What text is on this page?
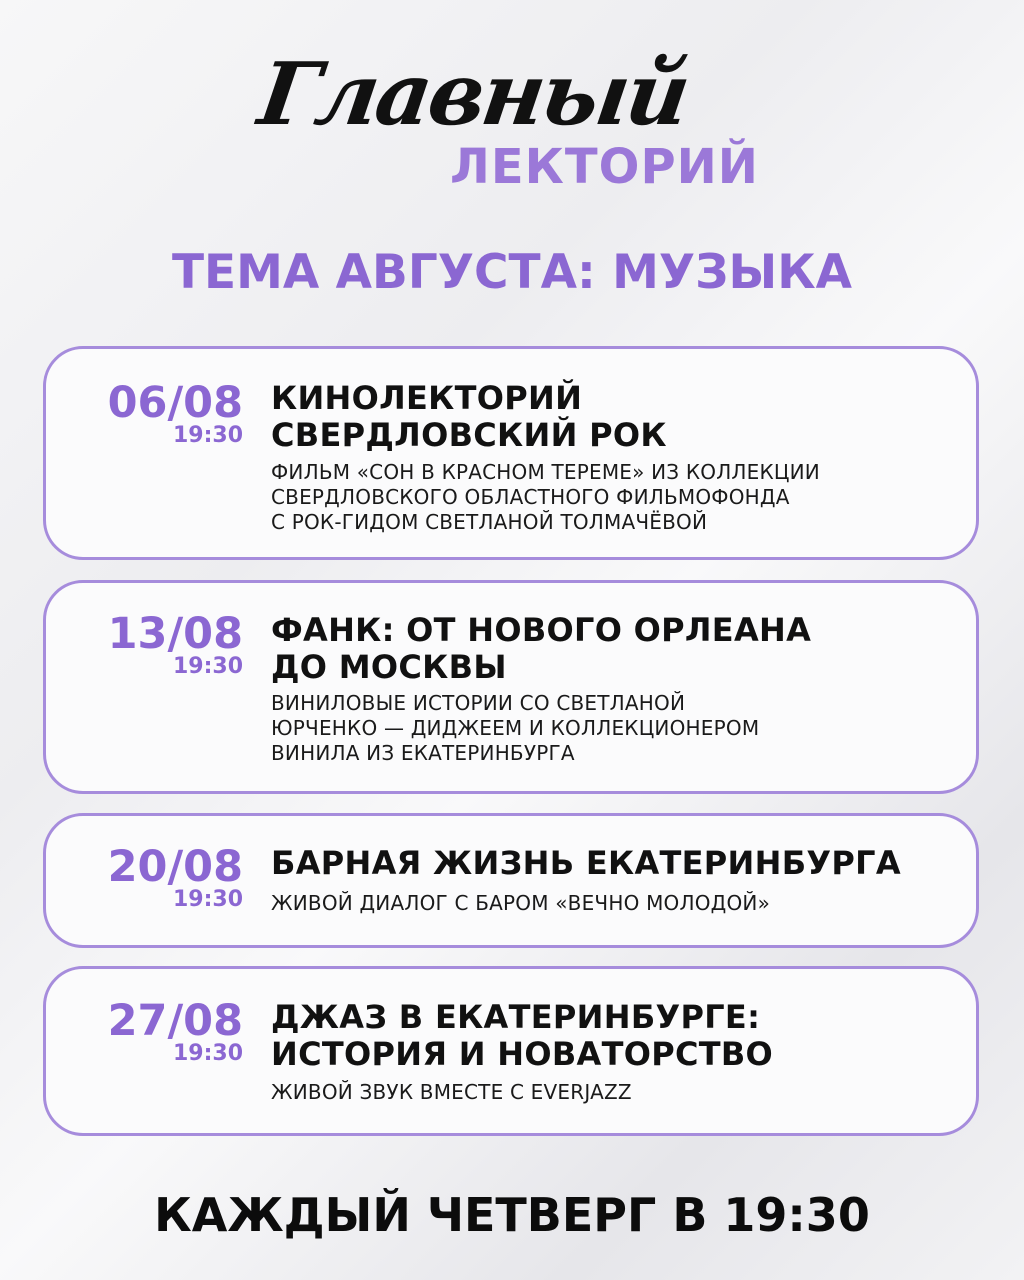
Главный
ЛЕКТОРИЙ
ТЕМА АВГУСТА: МУЗЫКА
06/08
19:30
КИНОЛЕКТОРИЙ
СВЕРДЛОВСКИЙ РОК
ФИЛЬМ «СОН В КРАСНОМ ТЕРЕМЕ» ИЗ КОЛЛЕКЦИИ
СВЕРДЛОВСКОГО ОБЛАСТНОГО ФИЛЬМОФОНДА
С РОК-ГИДОМ СВЕТЛАНОЙ ТОЛМАЧЁВОЙ
13/08
19:30
ФАНК: ОТ НОВОГО ОРЛЕАНА
ДО МОСКВЫ
ВИНИЛОВЫЕ ИСТОРИИ СО СВЕТЛАНОЙ
ЮРЧЕНКО — ДИДЖЕЕМ И КОЛЛЕКЦИОНЕРОМ
ВИНИЛА ИЗ ЕКАТЕРИНБУРГА
20/08
19:30
БАРНАЯ ЖИЗНЬ ЕКАТЕРИНБУРГА
ЖИВОЙ ДИАЛОГ С БАРОМ «ВЕЧНО МОЛОДОЙ»
27/08
19:30
ДЖАЗ В ЕКАТЕРИНБУРГЕ:
ИСТОРИЯ И НОВАТОРСТВО
ЖИВОЙ ЗВУК ВМЕСТЕ С EVERJAZZ
КАЖДЫЙ ЧЕТВЕРГ В 19:30
